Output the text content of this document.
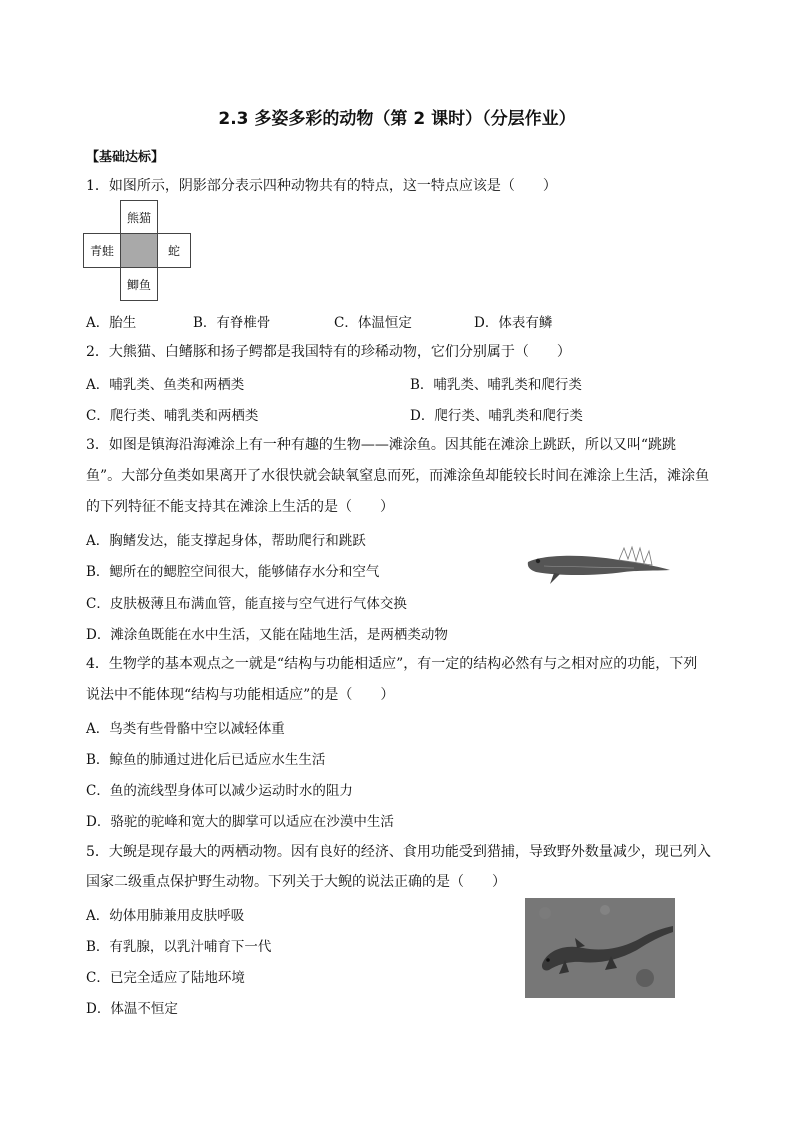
2.3 多姿多彩的动物（第 2 课时）（分层作业）
【基础达标】
1．如图所示，阴影部分表示四种动物共有的特点，这一特点应该是（　　）
熊猫
青蛙	蛇
鲫鱼
A．胎生	B．有脊椎骨	C．体温恒定	D．体表有鳞
2．大熊猫、白鳍豚和扬子鳄都是我国特有的珍稀动物，它们分别属于（　　）
A．哺乳类、鱼类和两栖类	B．哺乳类、哺乳类和爬行类
C．爬行类、哺乳类和两栖类	D．爬行类、哺乳类和爬行类
3．如图是镇海沿海滩涂上有一种有趣的生物——滩涂鱼。因其能在滩涂上跳跃，所以又叫“跳跳
鱼”。大部分鱼类如果离开了水很快就会缺氧窒息而死，而滩涂鱼却能较长时间在滩涂上生活，滩涂鱼
的下列特征不能支持其在滩涂上生活的是（　　）
A．胸鳍发达，能支撑起身体，帮助爬行和跳跃
B．鳃所在的鳃腔空间很大，能够储存水分和空气
C．皮肤极薄且布满血管，能直接与空气进行气体交换
D．滩涂鱼既能在水中生活，又能在陆地生活，是两栖类动物
4．生物学的基本观点之一就是“结构与功能相适应”，有一定的结构必然有与之相对应的功能，下列
说法中不能体现“结构与功能相适应”的是（　　）
A．鸟类有些骨骼中空以减轻体重
B．鲸鱼的肺通过进化后已适应水生生活
C．鱼的流线型身体可以减少运动时水的阻力
D．骆驼的驼峰和宽大的脚掌可以适应在沙漠中生活
5．大鲵是现存最大的两栖动物。因有良好的经济、食用功能受到猎捕，导致野外数量减少，现已列入
国家二级重点保护野生动物。下列关于大鲵的说法正确的是（　　）
A．幼体用肺兼用皮肤呼吸
B．有乳腺，以乳汁哺育下一代
C．已完全适应了陆地环境
D．体温不恒定
